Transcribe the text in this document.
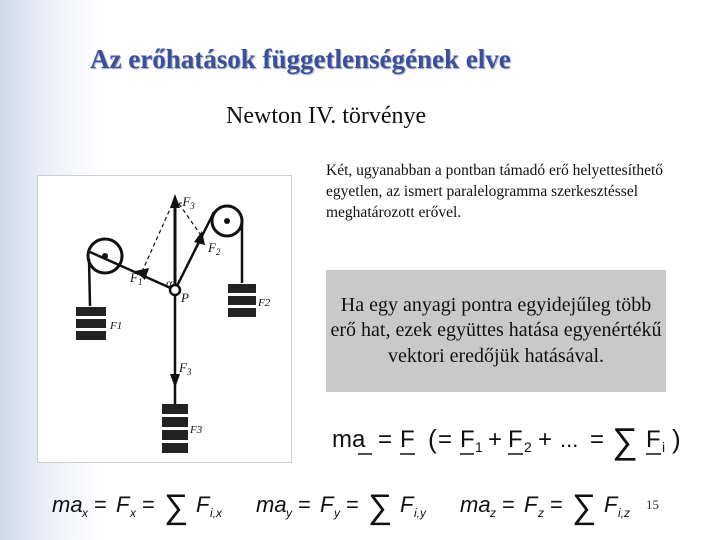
Az erőhatások függetlenségének elve
Newton IV. törvénye
Két, ugyanabban a pontban támadó erő helyettesíthető egyetlen, az ismert paralelogramma szerkesztéssel meghatározott erővel.
$-F_3$
$F_1$
$F_2$
$F_3$
α
P
F1
F2
F3
Ha egy anyagi pontra egyidejűleg több erő hat, ezek együttes hatása egyenértékű vektori eredőjük hatásával.
ma = F ( = F 1 + F 2 + ... = ∑ F i )
ma x = F x = ∑ F i,x ma y = F y = ∑ F i,y ma z = F z = ∑ F i,z
15
